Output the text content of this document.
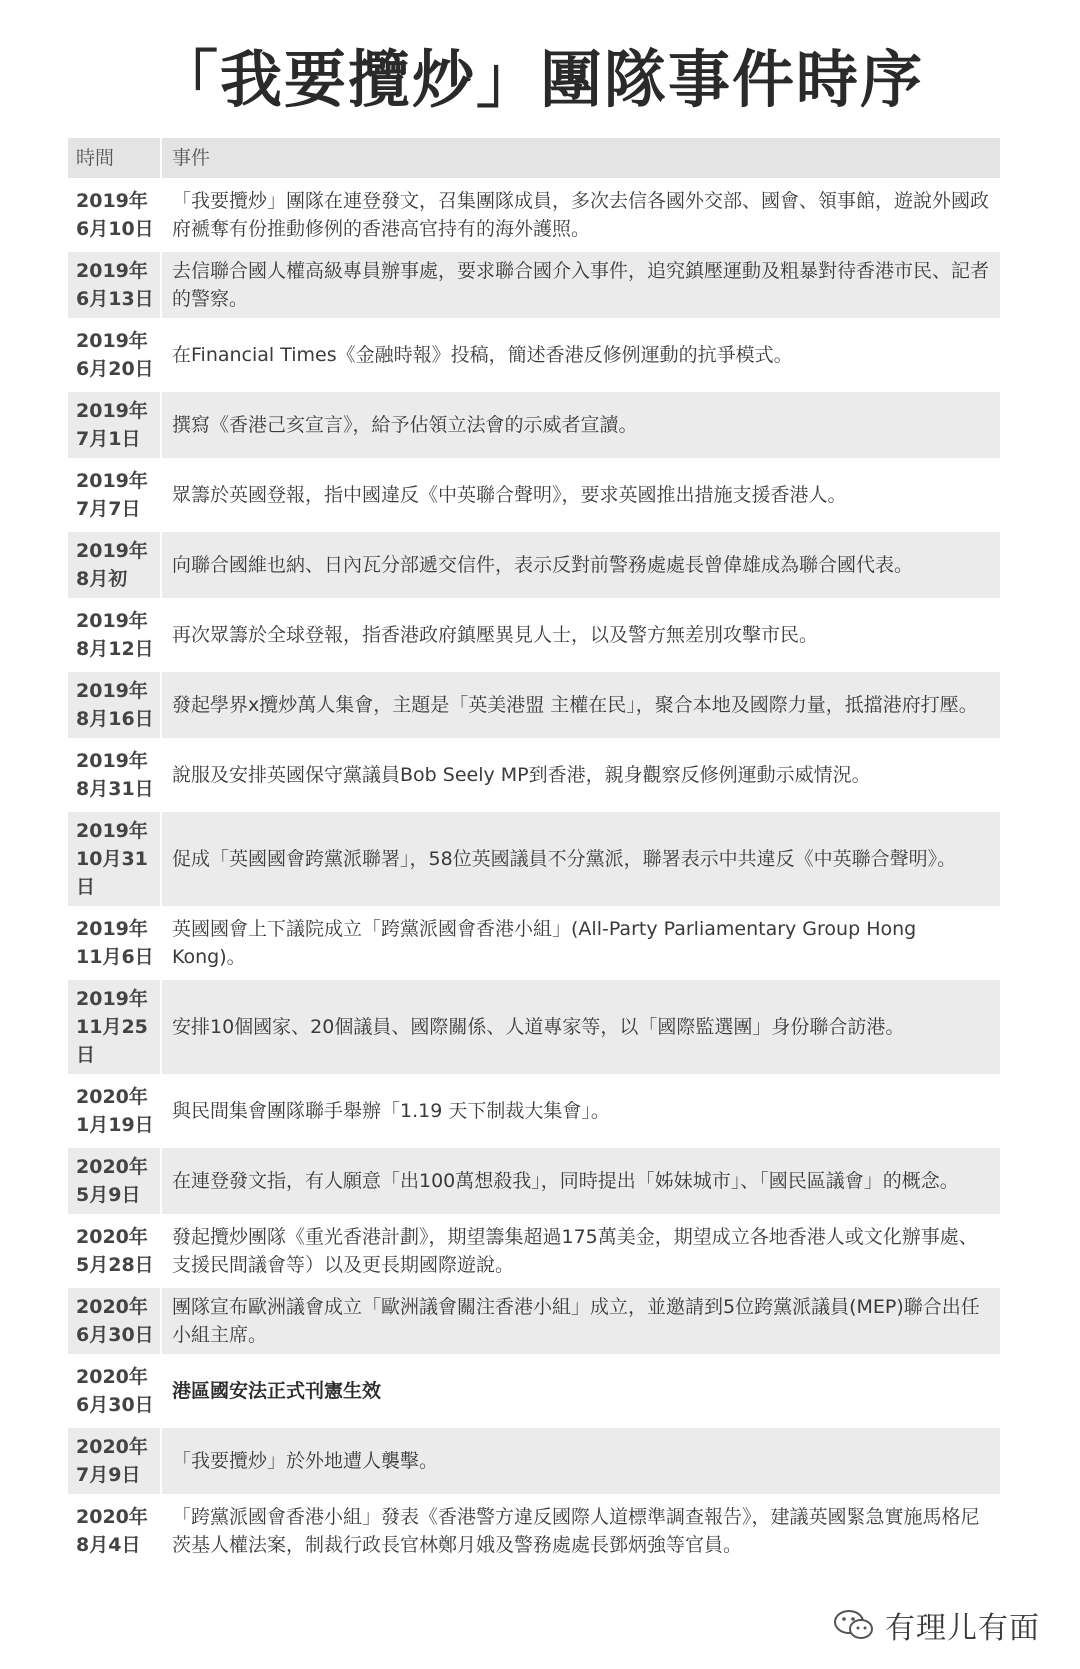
「我要攬炒」團隊事件時序
時間	事件
2019年6月10日
「我要攬炒」團隊在連登發文，召集團隊成員，多次去信各國外交部、國會、領事館，遊說外國政府褫奪有份推動修例的香港高官持有的海外護照。
2019年6月13日
去信聯合國人權高級專員辦事處，要求聯合國介入事件，追究鎮壓運動及粗暴對待香港市民、記者的警察。
2019年6月20日
在Financial Times《金融時報》投稿，簡述香港反修例運動的抗爭模式。
2019年7月1日
撰寫《香港己亥宣言》，給予佔領立法會的示威者宣讀。
2019年7月7日
眾籌於英國登報，指中國違反《中英聯合聲明》，要求英國推出措施支援香港人。
2019年8月初
向聯合國維也納、日內瓦分部遞交信件，表示反對前警務處處長曾偉雄成為聯合國代表。
2019年8月12日
再次眾籌於全球登報，指香港政府鎮壓異見人士，以及警方無差別攻擊市民。
2019年8月16日
發起學界x攬炒萬人集會，主題是「英美港盟 主權在民」，聚合本地及國際力量，抵擋港府打壓。
2019年8月31日
說服及安排英國保守黨議員Bob Seely MP到香港，親身觀察反修例運動示威情況。
2019年10月31日
促成「英國國會跨黨派聯署」，58位英國議員不分黨派，聯署表示中共違反《中英聯合聲明》。
2019年11月6日
英國國會上下議院成立「跨黨派國會香港小組」(All-Party Parliamentary Group Hong Kong)。
2019年11月25日
安排10個國家、20個議員、國際關係、人道專家等，以「國際監選團」身份聯合訪港。
2020年1月19日
與民間集會團隊聯手舉辦「1.19 天下制裁大集會」。
2020年5月9日
在連登發文指，有人願意「出100萬想殺我」，同時提出「姊妹城市」、「國民區議會」的概念。
2020年5月28日
發起攬炒團隊《重光香港計劃》，期望籌集超過175萬美金，期望成立各地香港人或文化辦事處、支援民間議會等）以及更長期國際遊說。
2020年6月30日
團隊宣布歐洲議會成立「歐洲議會關注香港小組」成立，並邀請到5位跨黨派議員(MEP)聯合出任小組主席。
2020年6月30日
港區國安法正式刊憲生效
2020年7月9日
「我要攬炒」於外地遭人襲擊。
2020年8月4日
「跨黨派國會香港小組」發表《香港警方違反國際人道標準調查報告》，建議英國緊急實施馬格尼茨基人權法案，制裁行政長官林鄭月娥及警務處處長鄧炳強等官員。
有理儿有面
